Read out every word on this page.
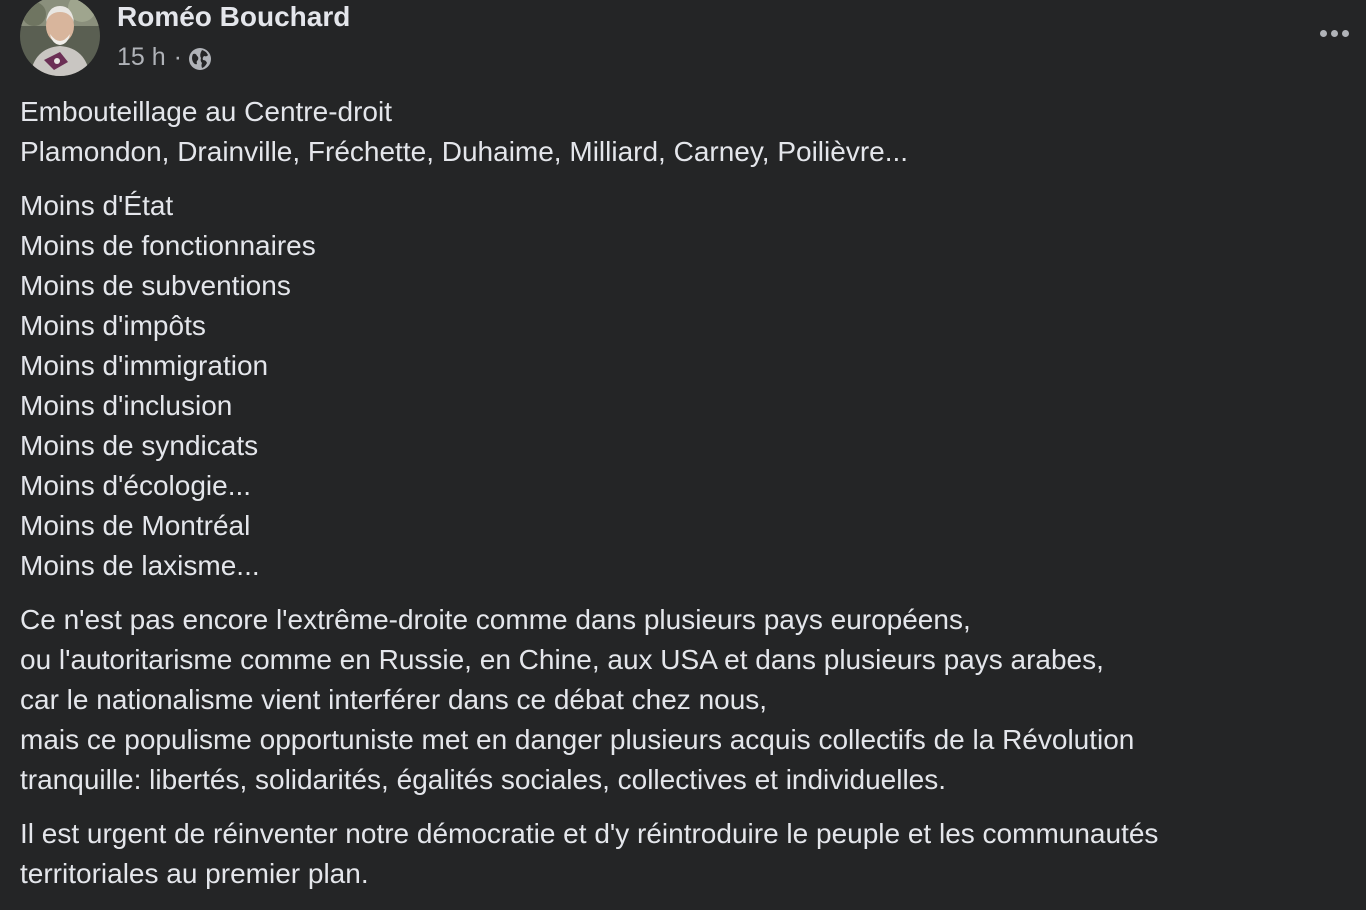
Roméo Bouchard
15 h ·
Embouteillage au Centre-droit
Plamondon, Drainville, Fréchette, Duhaime, Milliard, Carney, Poilièvre...
Moins d'État
Moins de fonctionnaires
Moins de subventions
Moins d'impôts
Moins d'immigration
Moins d'inclusion
Moins de syndicats
Moins d'écologie...
Moins de Montréal
Moins de laxisme...
Ce n'est pas encore l'extrême-droite comme dans plusieurs pays européens,
ou l'autoritarisme comme en Russie, en Chine, aux USA et dans plusieurs pays arabes,
car le nationalisme vient interférer dans ce débat chez nous,
mais ce populisme opportuniste met en danger plusieurs acquis collectifs de la Révolution
tranquille: libertés, solidarités, égalités sociales, collectives et individuelles.
Il est urgent de réinventer notre démocratie et d'y réintroduire le peuple et les communautés
territoriales au premier plan.
